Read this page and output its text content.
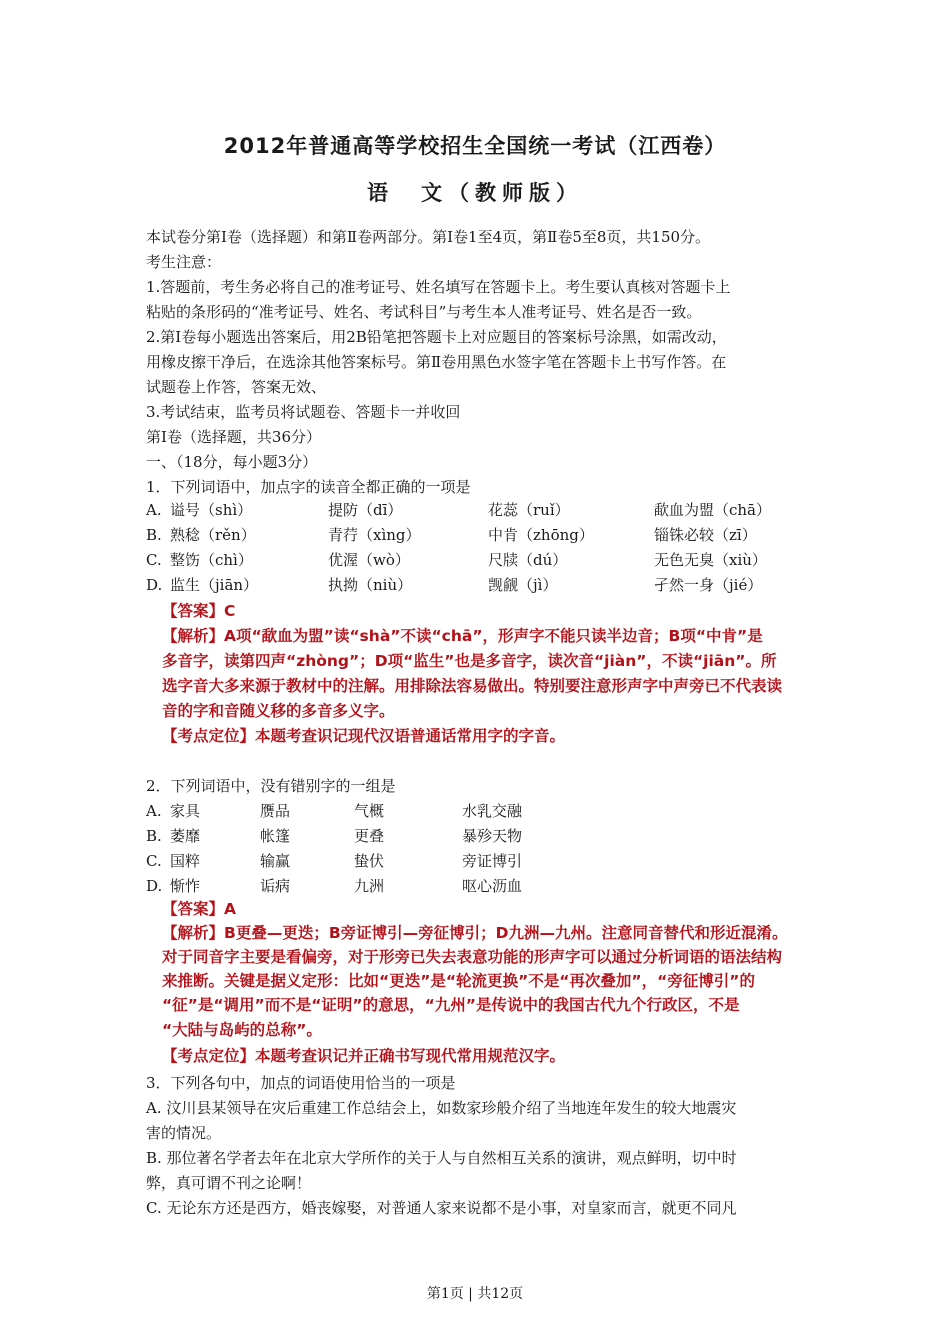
2012年普通高等学校招生全国统一考试（江西卷）
语　文（教师版）
本试卷分第Ⅰ卷（选择题）和第Ⅱ卷两部分。第Ⅰ卷1至4页，第Ⅱ卷5至8页，共150分。
考生注意：
1.答题前，考生务必将自己的准考证号、姓名填写在答题卡上。考生要认真核对答题卡上
粘贴的条形码的“准考证号、姓名、考试科目”与考生本人准考证号、姓名是否一致。
2.第Ⅰ卷每小题选出答案后，用2B铅笔把答题卡上对应题目的答案标号涂黑，如需改动，
用橡皮擦干净后，在选涂其他答案标号。第Ⅱ卷用黑色水签字笔在答题卡上书写作答。在
试题卷上作答，答案无效、
3.考试结束，监考员将试题卷、答题卡一并收回
第Ⅰ卷（选择题，共36分）
一、（18分，每小题3分）
1．下列词语中，加点字的读音全都正确的一项是
A. 谥号（shì）	提防（dī）	花蕊（ruǐ）	歃血为盟（chā）
B. 熟稔（rěn）	青荇（xìng）	中肯（zhōng）	锱铢必较（zī）
C. 整饬（chì）	优渥（wò）	尺牍（dú）	无色无臭（xiù）
D. 监生（jiān）	执拗（niù）	觊觎（jì）	孑然一身（jié）
【答案】C
【解析】A项“歃血为盟”读“shà”不读“chā”，形声字不能只读半边音；B项“中肯”是
多音字，读第四声“zhòng”；D项“监生”也是多音字，读次音“jiàn”，不读“jiān”。所
选字音大多来源于教材中的注解。用排除法容易做出。特别要注意形声字中声旁已不代表读
音的字和音随义移的多音多义字。
【考点定位】本题考查识记现代汉语普通话常用字的字音。
2．下列词语中，没有错别字的一组是
A. 家具	赝品	气概	水乳交融
B. 萎靡	帐篷	更叠	暴殄天物
C. 国粹	输赢	蛰伏	旁证博引
D. 惭怍	诟病	九洲	呕心沥血
【答案】A
【解析】B更叠—更迭；B旁证博引—旁征博引；D九洲—九州。注意同音替代和形近混淆。
对于同音字主要是看偏旁，对于形旁已失去表意功能的形声字可以通过分析词语的语法结构
来推断。关键是据义定形：比如“更迭”是“轮流更换”不是“再次叠加”，“旁征博引”的
“征”是“调用”而不是“证明”的意思，“九州”是传说中的我国古代九个行政区，不是
“大陆与岛屿的总称”。
【考点定位】本题考查识记并正确书写现代常用规范汉字。
3．下列各句中，加点的词语使用恰当的一项是
A. 汶川县某领导在灾后重建工作总结会上，如数家珍般介绍了当地连年发生的较大地震灾
害的情况。
B. 那位著名学者去年在北京大学所作的关于人与自然相互关系的演讲，观点鲜明，切中时
弊，真可谓不刊之论啊！
C. 无论东方还是西方，婚丧嫁娶，对普通人家来说都不是小事，对皇家而言，就更不同凡
第1页 | 共12页
